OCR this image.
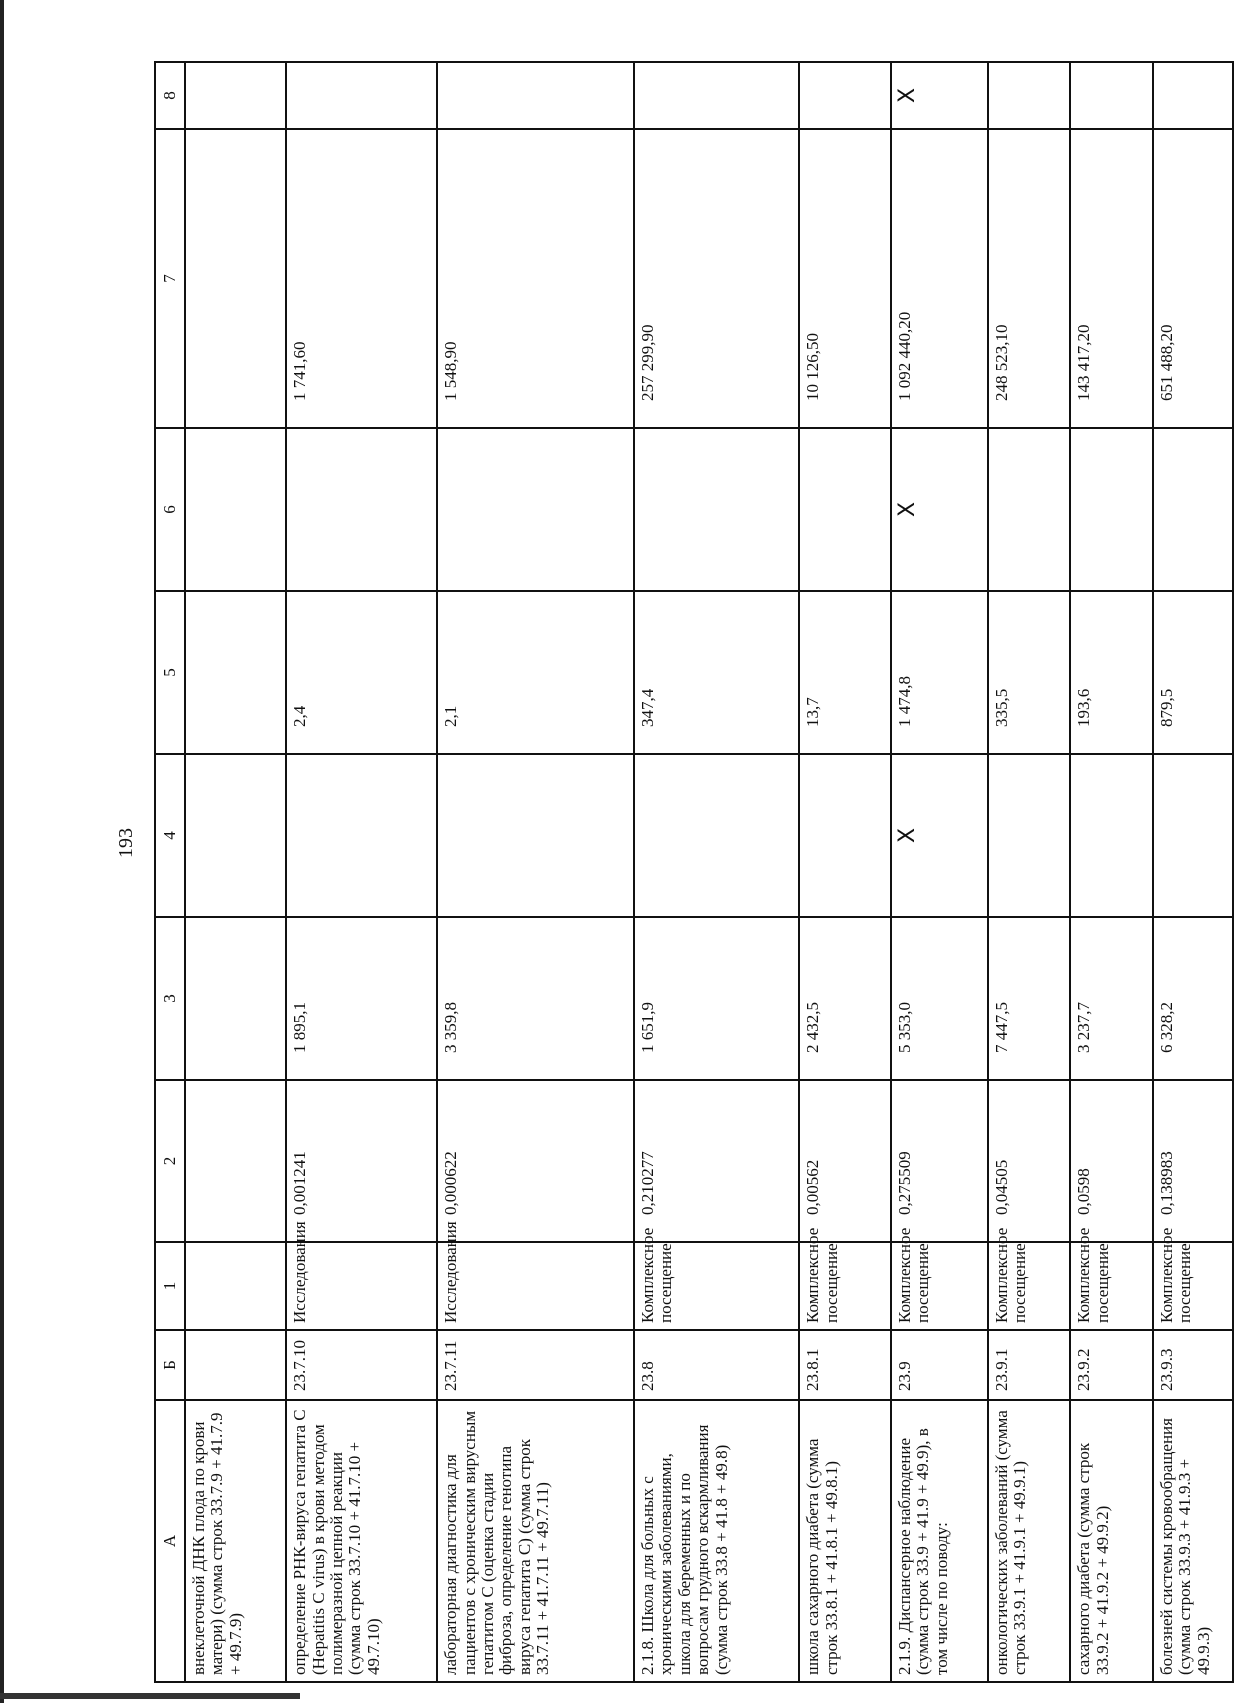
193
A	Б	1	2	3	4	5	6	7	8
внеклеточной ДНК плода по крови матери) (сумма строк 33.7.9 + 41.7.9 + 49.7.9)									
определение РНК-вируса гепатита С (Hepatitis C virus) в крови методом полимеразной цепной реакции (сумма строк 33.7.10 + 41.7.10 + 49.7.10)	23.7.10	Исследования	0,001241	1 895,1		2,4		1 741,60	
лабораторная диагностика для пациентов с хроническим вирусным гепатитом С (оценка стадии фиброза, определение генотипа вируса гепатита С) (сумма строк 33.7.11 + 41.7.11 + 49.7.11)	23.7.11	Исследования	0,000622	3 359,8		2,1		1 548,90	
2.1.8. Школа для больных с хроническими заболеваниями, школа для беременных и по вопросам грудного вскармливания (сумма строк 33.8 + 41.8 + 49.8)	23.8	Комплексное посещение	0,210277	1 651,9		347,4		257 299,90	
школа сахарного диабета (сумма строк 33.8.1 + 41.8.1 + 49.8.1)	23.8.1	Комплексное посещение	0,00562	2 432,5		13,7		10 126,50	
2.1.9. Диспансерное наблюдение (сумма строк 33.9 + 41.9 + 49.9), в том числе по поводу:	23.9	Комплексное посещение	0,275509	5 353,0	X	1 474,8	X	1 092 440,20	X
онкологических заболеваний (сумма строк 33.9.1 + 41.9.1 + 49.9.1)	23.9.1	Комплексное посещение	0,04505	7 447,5		335,5		248 523,10	
сахарного диабета (сумма строк 33.9.2 + 41.9.2 + 49.9.2)	23.9.2	Комплексное посещение	0,0598	3 237,7		193,6		143 417,20	
болезней системы кровообращения (сумма строк 33.9.3 + 41.9.3 + 49.9.3)	23.9.3	Комплексное посещение	0,138983	6 328,2		879,5		651 488,20	
